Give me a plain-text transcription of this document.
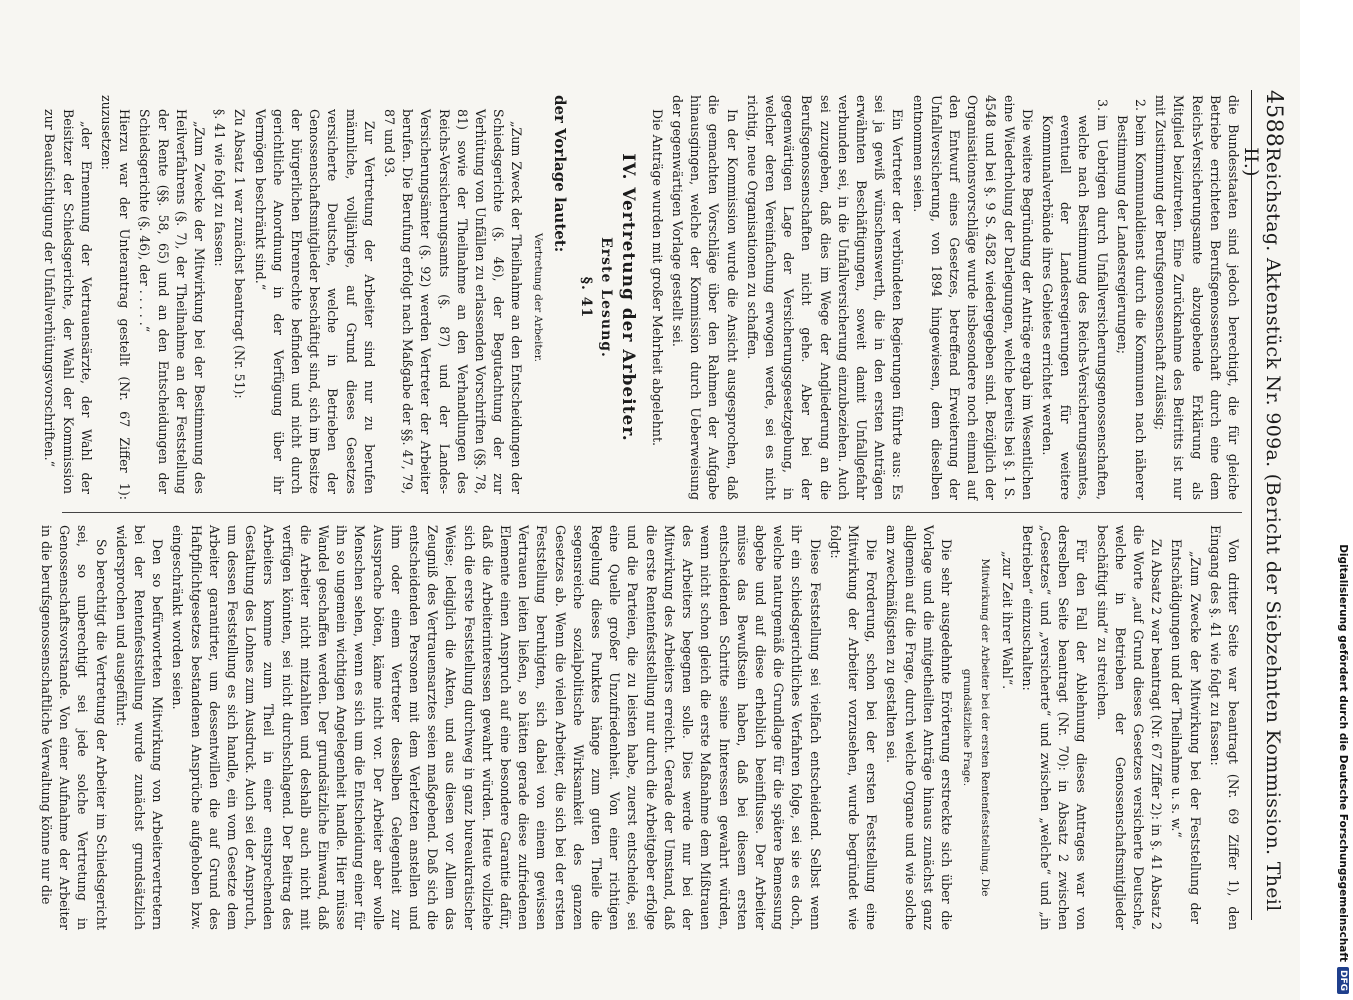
4588
Reichstag. Aktenstück Nr. 909a. (Bericht der Siebzehnten Kommission. Theil II.)

die Bundesstaaten sind jedoch berechtigt, die für gleiche Betriebe errichteten Berufsgenossenschaft durch eine dem Reichs-Versicherungsamte abzugebende Erklärung als Mitglied beizutreten. Eine Zurücknahme des Beitritts ist nur mit Zustimmung der Berufsgenossenschaft zulässig;

2. beim Kommunaldienst durch die Kommunen nach näherer Bestimmung der Landesregierungen;
3. im Uebrigen durch Unfallversicherungsgenossenschaften, welche nach Bestimmung des Reichs-Versicherungsamtes, eventuell der Landesregierungen für weitere Kommunalverbände ihres Gebietes errichtet werden.

Die weitere Begründung der Anträge ergab im Wesentlichen eine Wiederholung der Darlegungen, welche bereits bei §. 1 S. 4548 und bei §. 9 S. 4582 wiedergegeben sind. Bezüglich der Organisationsvorschläge wurde insbesondere noch einmal auf den Entwurf eines Gesetzes, betreffend Erweiterung der Unfallversicherung, von 1894 hingewiesen, dem dieselben entnommen seien.

Ein Vertreter der verbündeten Regierungen führte aus: Es sei ja gewiß wünschenswerth, die in den ersten Anträgen erwähnten Beschäftigungen, soweit damit Unfallgefahr verbunden sei, in die Unfallversicherung einzubeziehen. Auch sei zuzugeben, daß dies im Wege der Angliederung an die Berufsgenossenschaften nicht gehe. Aber bei der gegenwärtigen Lage der Versicherungsgesetzgebung, in welcher deren Vereinfachung erwogen werde, sei es nicht richtig, neue Organisationen zu schaffen.

In der Kommission wurde die Ansicht ausgesprochen, daß die gemachten Vorschläge über den Rahmen der Aufgabe hinausgingen, welche der Kommission durch Ueberweisung der gegenwärtigen Vorlage gestellt sei.

Die Anträge wurden mit großer Mehrheit abgelehnt.

IV. Vertretung der Arbeiter.
Erste Lesung.
§. 41
der Vorlage lautet:

Vertretung der Arbeiter.

„Zum Zweck der Theilnahme an den Entscheidungen der Schiedsgerichte (§. 46), der Begutachtung der zur Verhütung von Unfällen zu erlassenden Vorschriften (§§. 78, 81) sowie der Theilnahme an den Verhandlungen des Reichs-Versicherungsamts (§. 87) und der Landes-Versicherungsämter (§. 92) werden Vertreter der Arbeiter berufen. Die Berufung erfolgt nach Maßgabe der §§. 47, 79, 87 und 93.

Zur Vertretung der Arbeiter sind nur zu berufen männliche, volljährige, auf Grund dieses Gesetzes versicherte Deutsche, welche in Betrieben der Genossenschaftsmitglieder beschäftigt sind, sich im Besitze der bürgerlichen Ehrenrechte befinden und nicht durch gerichtliche Anordnung in der Verfügung über ihr Vermögen beschränkt sind.“

Zu Absatz 1 war zunächst beantragt (Nr. 51):

§. 41 wie folgt zu fassen:

„Zum Zwecke der Mitwirkung bei der Bestimmung des Heilverfahrens (§. 7), der Theilnahme an der Feststellung der Rente (§§. 58, 65) und an den Entscheidungen der Schiedsgerichte (§. 46), der . . . . .“

Hierzu war der Unterantrag gestellt (Nr. 67 Ziffer 1): zuzusetzen:

„der Ernennung der Vertrauensärzte, der Wahl der Beisitzer der Schiedsgerichte, der Wahl der Kommission zur Beaufsichtigung der Unfallverhütungsvorschriften.“

Von dritter Seite war beantragt (Nr. 69 Ziffer 1), den Eingang des §. 41 wie folgt zu fassen:

„Zum Zwecke der Mitwirkung bei der Feststellung der Entschädigungen und der Theilnahme u. s. w.“

Zu Absatz 2 war beantragt (Nr. 67 Ziffer 2): in §. 41 Absatz 2 die Worte „auf Grund dieses Gesetzes versicherte Deutsche, welche in Betrieben der Genossenschaftsmitglieder beschäftigt sind“ zu streichen.

Für den Fall der Ablehnung dieses Antrages war von derselben Seite beantragt (Nr. 70): in Absatz 2 zwischen „Gesetzes“ und „versicherte“ und zwischen „welche“ und „in Betrieben“ einzuschalten:

„zur Zeit ihrer Wahl“.

Mitwirkung der Arbeiter bei der ersten Rentenfeststellung. Die grundsätzliche Frage.

Die sehr ausgedehnte Erörterung erstreckte sich über die Vorlage und die mitgetheilten Anträge hinaus zunächst ganz allgemein auf die Frage, durch welche Organe und wie solche am zweckmäßigsten zu gestalten sei.

Die Forderung, schon bei der ersten Feststellung eine Mitwirkung der Arbeiter vorzusehen, wurde begründet wie folgt:

Diese Feststellung sei vielfach entscheidend. Selbst wenn ihr ein schiedsgerichtliches Verfahren folge, sei sie es doch, welche naturgemäß die Grundlage für die spätere Bemessung abgebe und auf diese erheblich beeinflusse. Der Arbeiter müsse das Bewußtsein haben, daß bei diesem ersten entscheidenden Schritte seine Interessen gewahrt würden, wenn nicht schon gleich die erste Maßnahme dem Mißtrauen des Arbeiters begegnen solle. Dies werde nur bei der Mitwirkung des Arbeiters erreicht. Gerade der Umstand, daß die erste Rentenfeststellung nur durch die Arbeitgeber erfolge und die Parteien, die zu leisten habe, zuerst entscheide, sei eine Quelle großer Unzufriedenheit. Von einer richtigen Regelung dieses Punktes hänge zum guten Theile die segensreiche sozialpolitische Wirksamkeit des ganzen Gesetzes ab. Wenn die vielen Arbeiter, die sich bei der ersten Feststellung beruhigten, sich dabei von einem gewissen Vertrauen leiten ließen, so hätten gerade diese zufriedenen Elemente einen Anspruch auf eine besondere Garantie dafür, daß die Arbeiterinteressen gewahrt würden. Heute vollziehe sich die erste Feststellung durchweg in ganz bureaukratischer Weise; lediglich die Akten, und aus diesen vor Allem das Zeugniß des Vertrauensarztes seien maßgebend. Daß sich die entscheidenden Personen mit dem Verletzten anstellen und ihm oder einem Vertreter desselben Gelegenheit zur Aussprache böten, käme nicht vor. Der Arbeiter aber wolle Menschen sehen, wenn es sich um die Entscheidung einer für ihn so ungemein wichtigen Angelegenheit handle. Hier müsse Wandel geschaffen werden. Der grundsätzliche Einwand, daß die Arbeiter nicht mitzahlten und deshalb auch nicht mit verfügen könnten, sei nicht durchschlagend. Der Beitrag des Arbeiters komme zum Theil in einer entsprechenden Gestaltung des Lohnes zum Ausdruck. Auch sei der Anspruch, um dessen Feststellung es sich handle, ein vom Gesetze dem Arbeiter garantirter, um dessentwillen die auf Grund des Haftpflichtgesetzes bestandenen Ansprüche aufgehoben bzw. eingeschränkt worden seien.

Den so befürworteten Mitwirkung von Arbeitervertretern bei der Rentenfeststellung wurde zunächst grundsätzlich widersprochen und ausgeführt:

So berechtigt die Vertretung der Arbeiter im Schiedsgericht sei, so unberechtigt sei jede solche Vertretung in Genossenschaftsvorstande. Von einer Aufnahme der Arbeiter in die berufsgenossenschaftliche Verwaltung könne nur die	Digitalisierung gefördert durch die Deutsche Forschungsgemeinschaft
DFG
